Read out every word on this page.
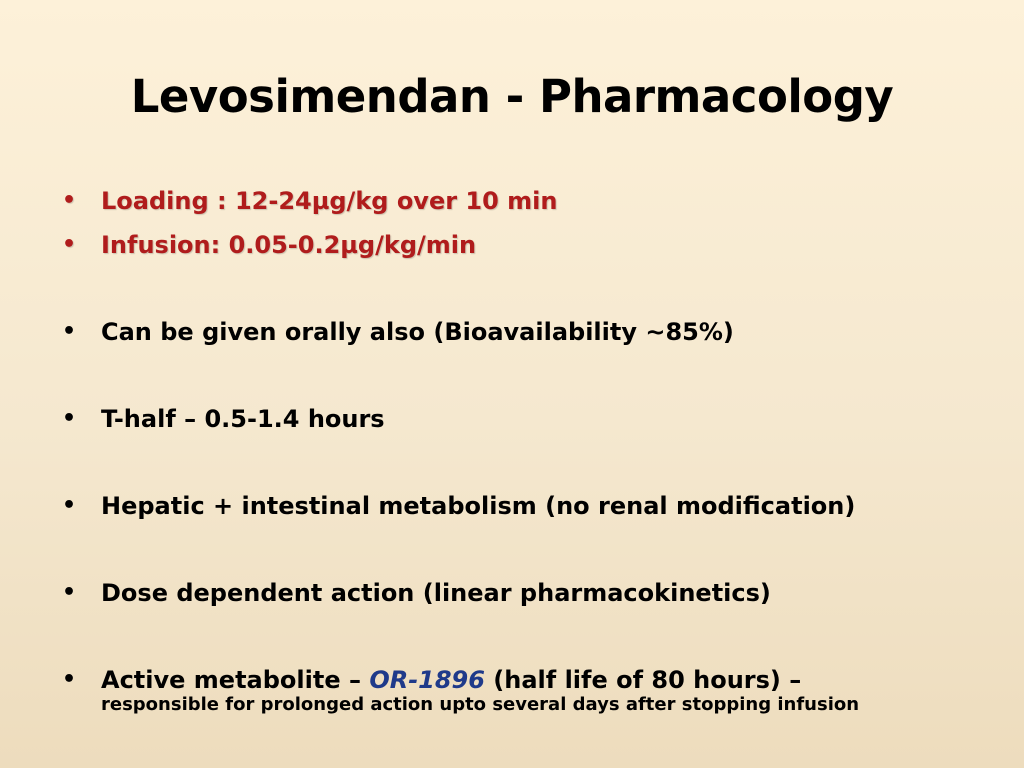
Levosimendan - Pharmacology
• Loading : 12-24µg/kg over 10 min
• Infusion: 0.05-0.2µg/kg/min
• Can be given orally also (Bioavailability ~85%)
• T-half – 0.5-1.4 hours
• Hepatic + intestinal metabolism (no renal modification)
• Dose dependent action (linear pharmacokinetics)
• Active metabolite – OR-1896 (half life of 80 hours) –
responsible for prolonged action upto several days after stopping infusion
